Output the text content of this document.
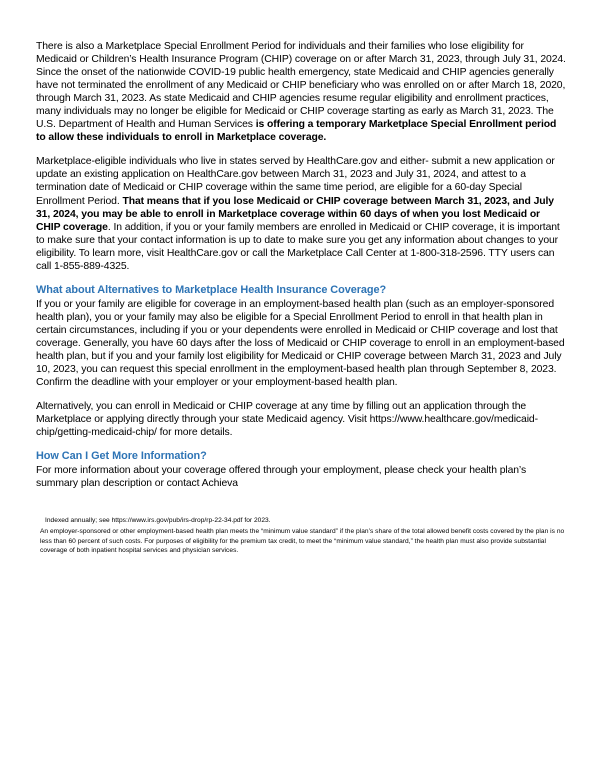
There is also a Marketplace Special Enrollment Period for individuals and their families who lose eligibility for Medicaid or Children’s Health Insurance Program (CHIP) coverage on or after March 31, 2023, through July 31, 2024. Since the onset of the nationwide COVID-19 public health emergency, state Medicaid and CHIP agencies generally have not terminated the enrollment of any Medicaid or CHIP beneficiary who was enrolled on or after March 18, 2020, through March 31, 2023. As state Medicaid and CHIP agencies resume regular eligibility and enrollment practices, many individuals may no longer be eligible for Medicaid or CHIP coverage starting as early as March 31, 2023. The U.S. Department of Health and Human Services is offering a temporary Marketplace Special Enrollment period to allow these individuals to enroll in Marketplace coverage.

Marketplace-eligible individuals who live in states served by HealthCare.gov and either- submit a new application or update an existing application on HealthCare.gov between March 31, 2023 and July 31, 2024, and attest to a termination date of Medicaid or CHIP coverage within the same time period, are eligible for a 60-day Special Enrollment Period. That means that if you lose Medicaid or CHIP coverage between March 31, 2023, and July 31, 2024, you may be able to enroll in Marketplace coverage within 60 days of when you lost Medicaid or CHIP coverage. In addition, if you or your family members are enrolled in Medicaid or CHIP coverage, it is important to make sure that your contact information is up to date to make sure you get any information about changes to your eligibility. To learn more, visit HealthCare.gov or call the Marketplace Call Center at 1-800-318-2596. TTY users can call 1-855-889-4325.

What about Alternatives to Marketplace Health Insurance Coverage?

If you or your family are eligible for coverage in an employment-based health plan (such as an employer-sponsored health plan), you or your family may also be eligible for a Special Enrollment Period to enroll in that health plan in certain circumstances, including if you or your dependents were enrolled in Medicaid or CHIP coverage and lost that coverage. Generally, you have 60 days after the loss of Medicaid or CHIP coverage to enroll in an employment-based health plan, but if you and your family lost eligibility for Medicaid or CHIP coverage between March 31, 2023 and July 10, 2023, you can request this special enrollment in the employment-based health plan through September 8, 2023. Confirm the deadline with your employer or your employment-based health plan.

Alternatively, you can enroll in Medicaid or CHIP coverage at any time by filling out an application through the Marketplace or applying directly through your state Medicaid agency. Visit https://www.healthcare.gov/medicaid-chip/getting-medicaid-chip/ for more details.

How Can I Get More Information?

For more information about your coverage offered through your employment, please check your health plan’s summary plan description or contact Achieva

Indexed annually; see https://www.irs.gov/pub/irs-drop/rp-22-34.pdf for 2023.

An employer-sponsored or other employment-based health plan meets the “minimum value standard” if the plan’s share of the total allowed benefit costs covered by the plan is no less than 60 percent of such costs. For purposes of eligibility for the premium tax credit, to meet the “minimum value standard,” the health plan must also provide substantial coverage of both inpatient hospital services and physician services.
